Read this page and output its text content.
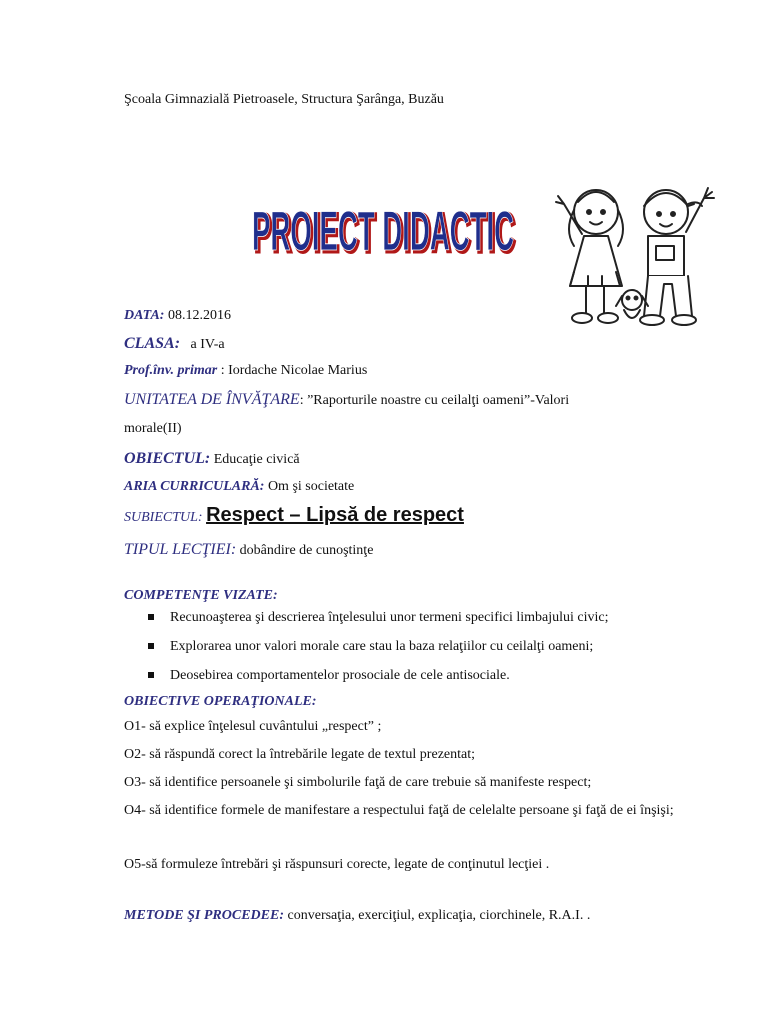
Şcoala Gimnazială Pietroasele, Structura Şarânga, Buzău
PROIECT DIDACTIC
PROIECT DIDACTIC
DATA: 08.12.2016
CLASA: a IV-a
Prof.înv. primar : Iordache Nicolae Marius
UNITATEA DE ÎNVĂŢARE: ”Raporturile noastre cu ceilalţi oameni”-Valori
morale(II)
OBIECTUL: Educaţie civică
ARIA CURRICULARĂ: Om şi societate
SUBIECTUL: Respect – Lipsă de respect
TIPUL LECŢIEI: dobândire de cunoştinţe
COMPETENŢE VIZATE:
Recunoaşterea şi descrierea înţelesului unor termeni specifici limbajului civic;
Explorarea unor valori morale care stau la baza relaţiilor cu ceilalţi oameni;
Deosebirea comportamentelor prosociale de cele antisociale.
OBIECTIVE OPERAŢIONALE:
O1- să explice înţelesul cuvântului „respect” ;
O2- să răspundă corect la întrebările legate de textul prezentat;
O3- să identifice persoanele şi simbolurile faţă de care trebuie să manifeste respect;
O4- să identifice formele de manifestare a respectului faţă de celelalte persoane şi faţă de ei înşişi;
O5-să formuleze întrebări şi răspunsuri corecte, legate de conţinutul lecţiei .
METODE ŞI PROCEDEE: conversaţia, exerciţiul, explicaţia, ciorchinele, R.A.I. .
